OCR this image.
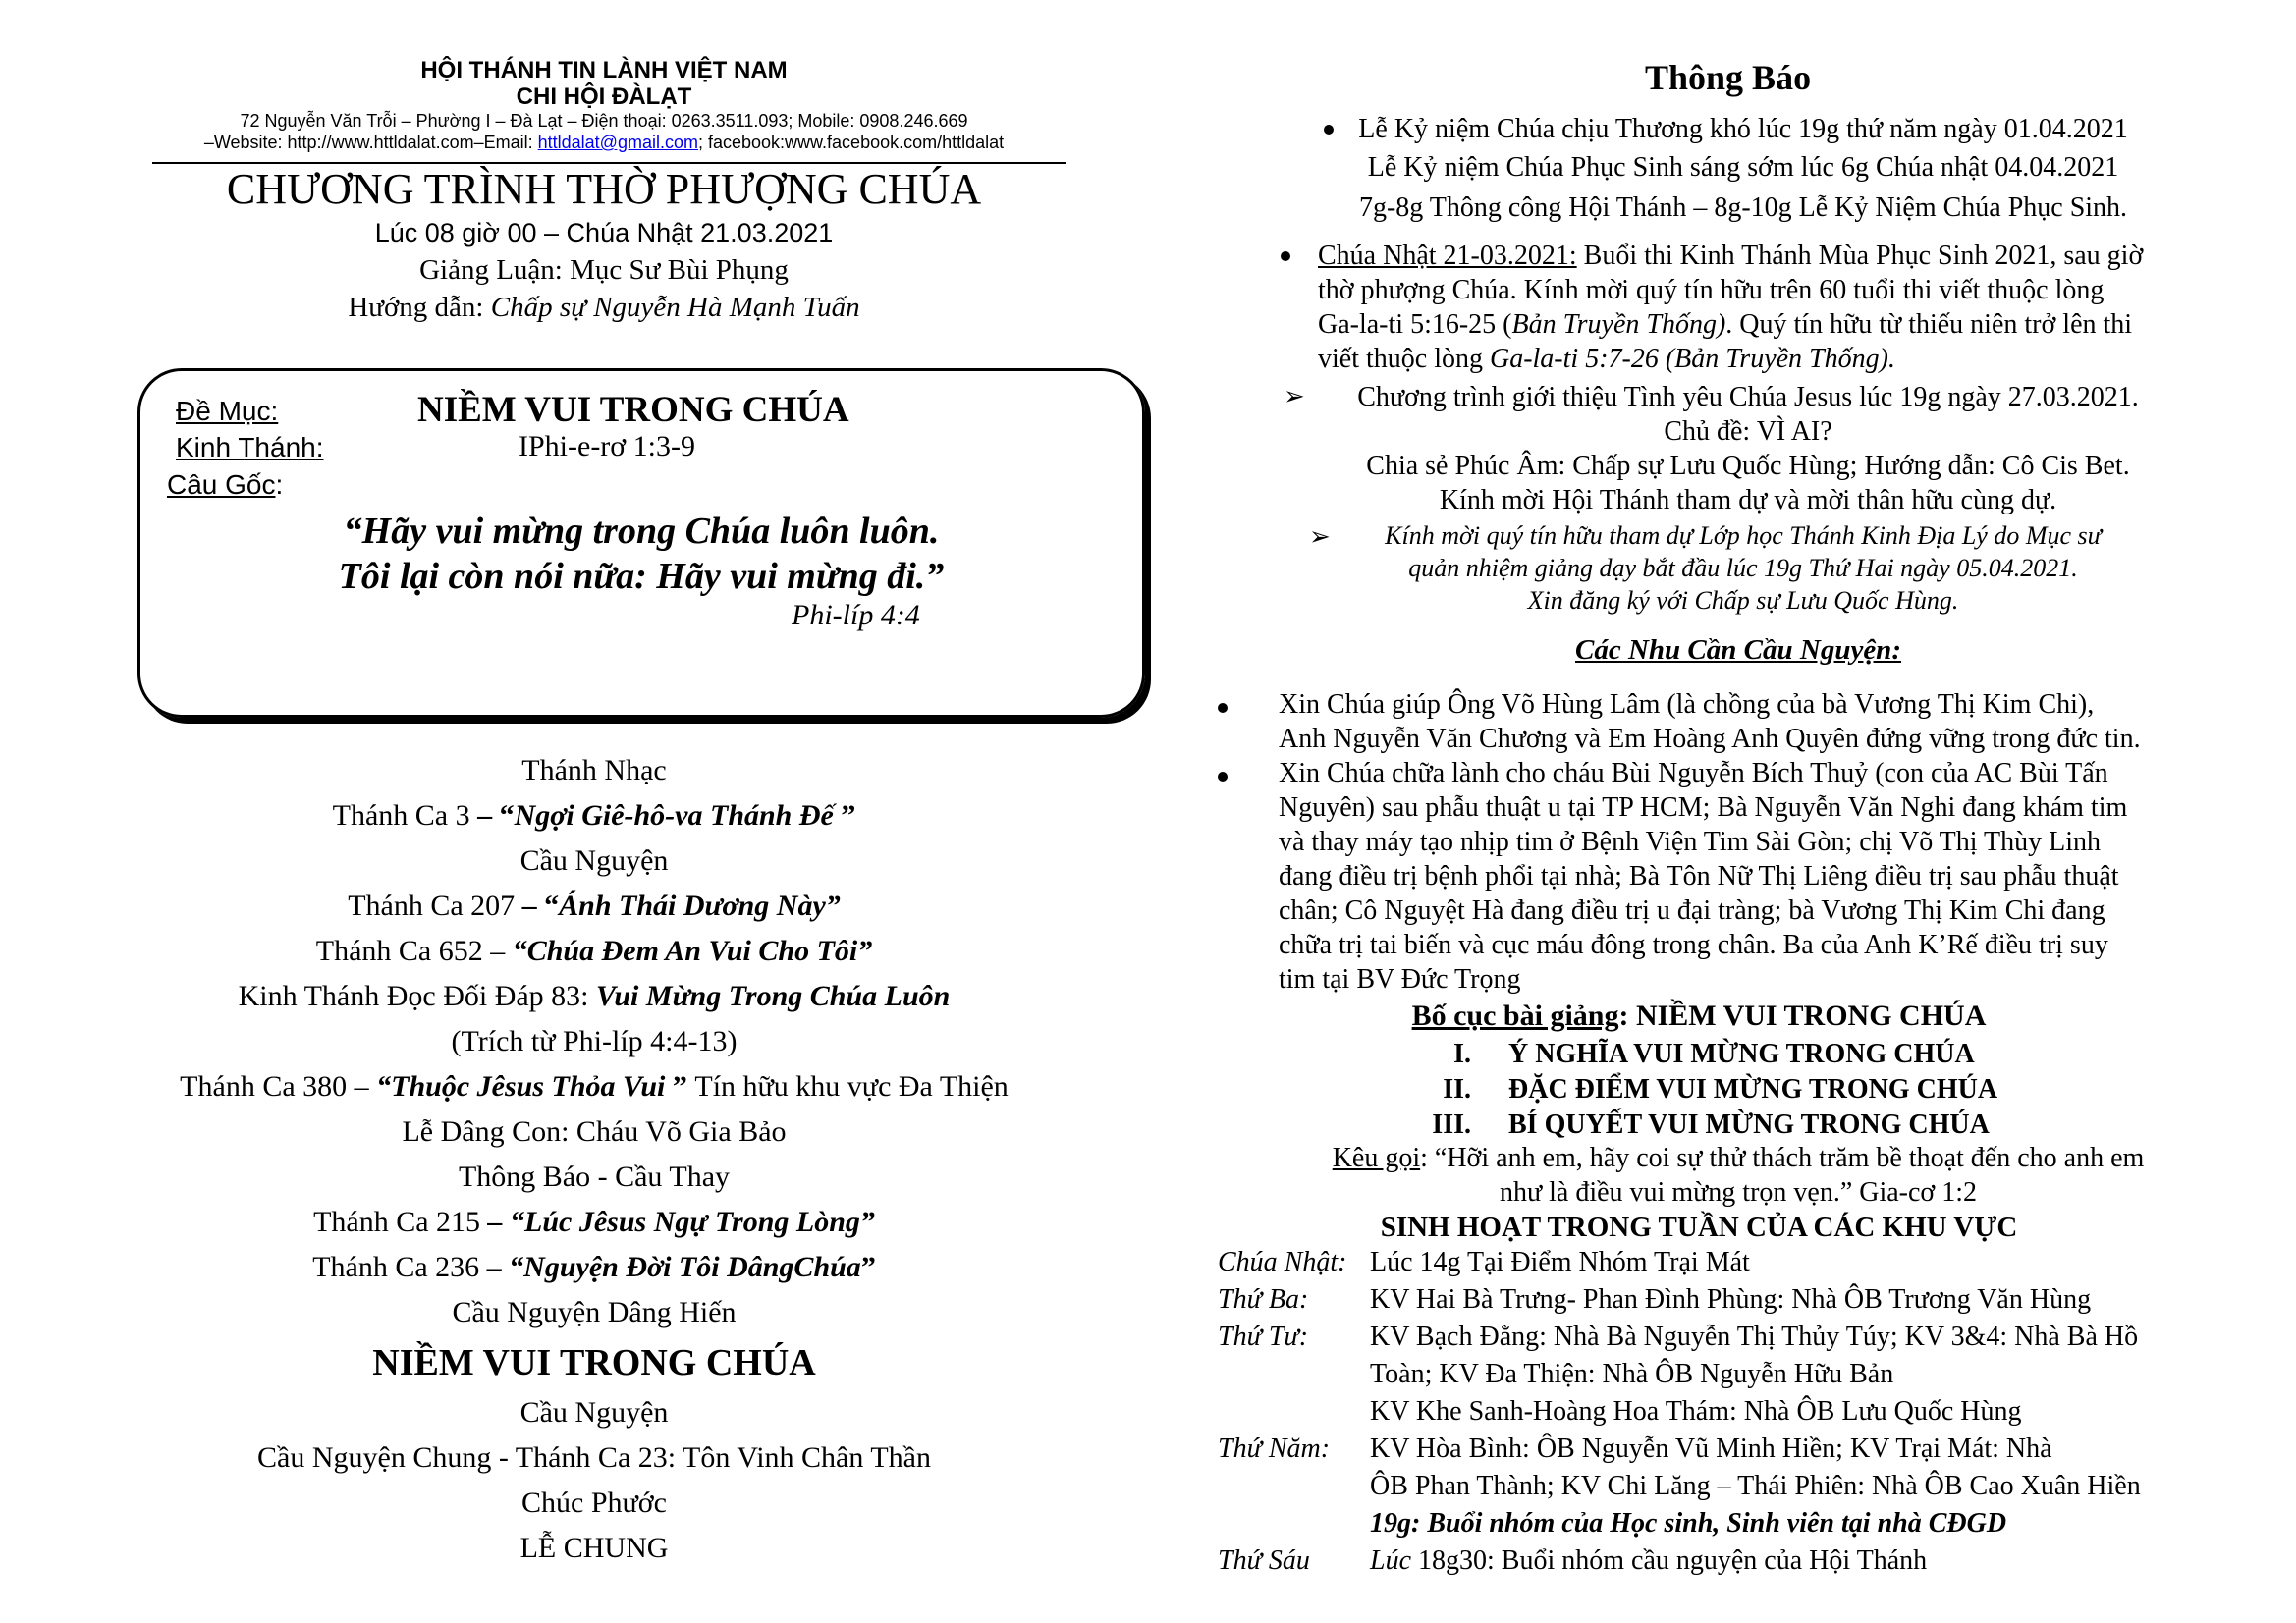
HỘI THÁNH TIN LÀNH VIỆT NAM
CHI HỘI ĐÀLẠT
72 Nguyễn Văn Trỗi – Phường I – Đà Lạt – Điện thoại: 0263.3511.093; Mobile: 0908.246.669
–Website: http://www.httldalat.com–Email: httldalat@gmail.com; facebook:www.facebook.com/httldalat
CHƯƠNG TRÌNH THỜ PHƯỢNG CHÚA
Lúc 08 giờ 00 – Chúa Nhật 21.03.2021
Giảng Luận: Mục Sư Bùi Phụng
Hướng dẫn: Chấp sự Nguyễn Hà Mạnh Tuấn
Đề Mục:	NIỀM VUI TRONG CHÚA
Kinh Thánh:	IPhi-e-rơ 1:3-9
Câu Gốc:
“Hãy vui mừng trong Chúa luôn luôn.
Tôi lại còn nói nữa: Hãy vui mừng đi.”
Phi-líp 4:4
Thánh Nhạc
Thánh Ca 3 – “Ngợi Giê-hô-va Thánh Đế ”
Cầu Nguyện
Thánh Ca 207 – “Ánh Thái Dương Này”
Thánh Ca 652 – “Chúa Đem An Vui Cho Tôi”
Kinh Thánh Đọc Đối Đáp 83: Vui Mừng Trong Chúa Luôn
(Trích từ Phi-líp 4:4-13)
Thánh Ca 380 – “Thuộc Jêsus Thỏa Vui ” Tín hữu khu vực Đa Thiện
Lễ Dâng Con: Cháu Võ Gia Bảo
Thông Báo - Cầu Thay
Thánh Ca 215 – “Lúc Jêsus Ngự Trong Lòng”
Thánh Ca 236 – “Nguyện Đời Tôi DângChúa”
Cầu Nguyện Dâng Hiến
NIỀM VUI TRONG CHÚA
Cầu Nguyện
Cầu Nguyện Chung - Thánh Ca 23: Tôn Vinh Chân Thần
Chúc Phước
LỄ CHUNG
Thông Báo
Lễ Kỷ niệm Chúa chịu Thương khó lúc 19g thứ năm ngày 01.04.2021
Lễ Kỷ niệm Chúa Phục Sinh sáng sớm lúc 6g Chúa nhật 04.04.2021
7g-8g Thông công Hội Thánh – 8g-10g Lễ Kỷ Niệm Chúa Phục Sinh.
Chúa Nhật 21-03.2021: Buổi thi Kinh Thánh Mùa Phục Sinh 2021, sau giờ
thờ phượng Chúa. Kính mời quý tín hữu trên 60 tuổi thi viết thuộc lòng
Ga-la-ti 5:16-25 (Bản Truyền Thống). Quý tín hữu từ thiếu niên trở lên thi
viết thuộc lòng Ga-la-ti 5:7-26 (Bản Truyền Thống).
➢	Chương trình giới thiệu Tình yêu Chúa Jesus lúc 19g ngày 27.03.2021.
Chủ đề: VÌ AI?
Chia sẻ Phúc Âm: Chấp sự Lưu Quốc Hùng; Hướng dẫn: Cô Cis Bet.
Kính mời Hội Thánh tham dự và mời thân hữu cùng dự.
➢	Kính mời quý tín hữu tham dự Lớp học Thánh Kinh Địa Lý do Mục sư
quản nhiệm giảng dạy bắt đầu lúc 19g Thứ Hai ngày 05.04.2021.
Xin đăng ký với Chấp sự Lưu Quốc Hùng.
Các Nhu Cần Cầu Nguyện:
Xin Chúa giúp Ông Võ Hùng Lâm (là chồng của bà Vương Thị Kim Chi),
Anh Nguyễn Văn Chương và Em Hoàng Anh Quyên đứng vững trong đức tin.
Xin Chúa chữa lành cho cháu Bùi Nguyễn Bích Thuỷ (con của AC Bùi Tấn
Nguyên) sau phẫu thuật u tại TP HCM; Bà Nguyễn Văn Nghi đang khám tim
và thay máy tạo nhịp tim ở Bệnh Viện Tim Sài Gòn; chị Võ Thị Thùy Linh
đang điều trị bệnh phổi tại nhà; Bà Tôn Nữ Thị Liêng điều trị sau phẫu thuật
chân; Cô Nguyệt Hà đang điều trị u đại tràng; bà Vương Thị Kim Chi đang
chữa trị tai biến và cục máu đông trong chân. Ba của Anh K’Rế điều trị suy
tim tại BV Đức Trọng
Bố cục bài giảng: NIỀM VUI TRONG CHÚA
I. Ý NGHĨA VUI MỪNG TRONG CHÚA
II. ĐẶC ĐIỂM VUI MỪNG TRONG CHÚA
III. BÍ QUYẾT VUI MỪNG TRONG CHÚA
Kêu gọi: “Hỡi anh em, hãy coi sự thử thách trăm bề thoạt đến cho anh em
như là điều vui mừng trọn vẹn.” Gia-cơ 1:2
SINH HOẠT TRONG TUẦN CỦA CÁC KHU VỰC
Chúa Nhật: Lúc 14g Tại Điểm Nhóm Trại Mát
Thứ Ba: KV Hai Bà Trưng- Phan Đình Phùng: Nhà ÔB Trương Văn Hùng
Thứ Tư: KV Bạch Đằng: Nhà Bà Nguyễn Thị Thủy Túy; KV 3&4: Nhà Bà Hồ
Toàn; KV Đa Thiện: Nhà ÔB Nguyễn Hữu Bản
KV Khe Sanh-Hoàng Hoa Thám: Nhà ÔB Lưu Quốc Hùng
Thứ Năm: KV Hòa Bình: ÔB Nguyễn Vũ Minh Hiền; KV Trại Mát: Nhà
ÔB Phan Thành; KV Chi Lăng – Thái Phiên: Nhà ÔB Cao Xuân Hiền
19g: Buổi nhóm của Học sinh, Sinh viên tại nhà CĐGD
Thứ Sáu Lúc 18g30: Buổi nhóm cầu nguyện của Hội Thánh
